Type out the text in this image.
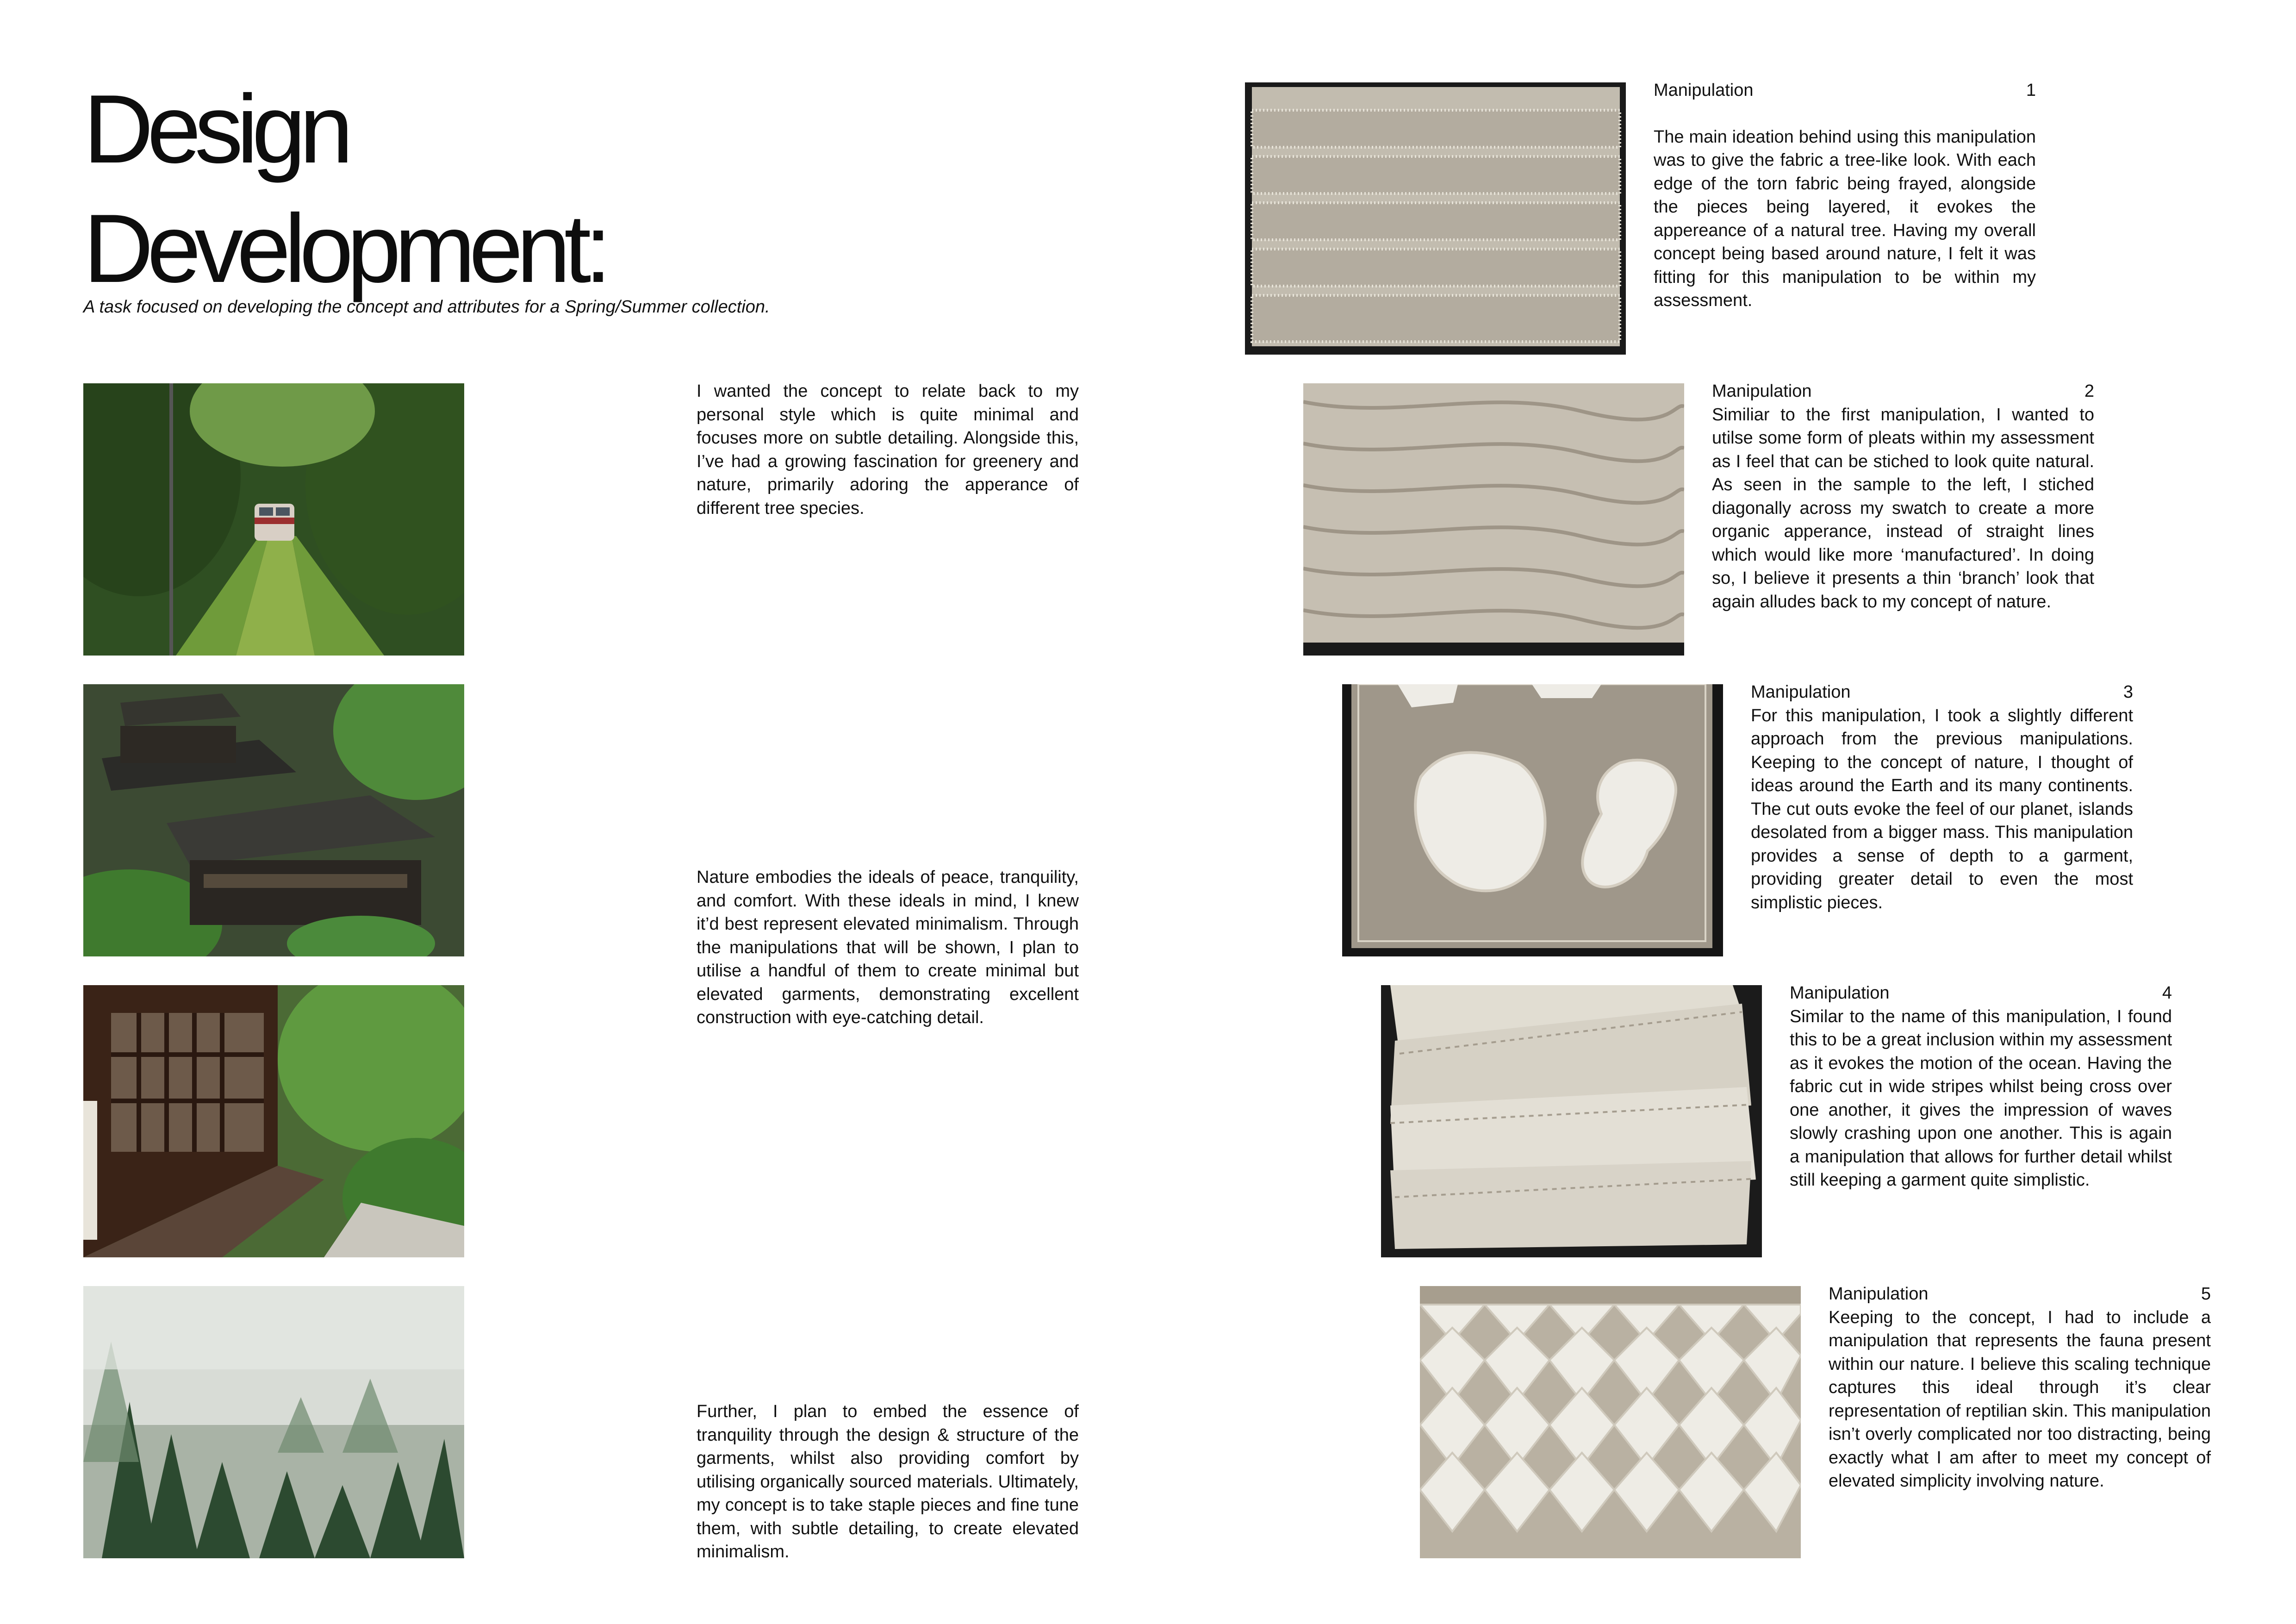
Design
Development:

A task focused on developing the concept and attributes for a Spring/Summer collection.

I wanted the concept to relate back to my personal style which is quite minimal and focuses more on subtle detailing. Alongside this, I’ve had a growing fascination for greenery and nature, primarily adoring the apperance of different tree species.

Nature embodies the ideals of peace, tranquility, and comfort. With these ideals in mind, I knew it’d best represent elevated minimalism. Through the manipulations that will be shown, I plan to utilise a handful of them to create minimal but elevated garments, demonstrating excellent construction with eye-catching detail.

Further, I plan to embed the essence of tranquility through the design & structure of the garments, whilst also providing comfort by utilising organically sourced materials. Ultimately, my concept is to take staple pieces and fine tune them, with subtle detailing, to create elevated minimalism.

Manipulation	1

The main ideation behind using this manipulation was to give the fabric a tree-like look. With each edge of the torn fabric being frayed, alongside the pieces being layered, it evokes the appereance of a natural tree. Having my overall concept being based around nature, I felt it was fitting for this manipulation to be within my assessment.

Manipulation	2

Similiar to the first manipulation, I wanted to utilse some form of pleats within my assessment as I feel that can be stiched to look quite natural. As seen in the sample to the left, I stiched diagonally across my swatch to create a more organic apperance, instead of straight lines which would like more ‘manufactured’. In doing so, I believe it presents a thin ‘branch’ look that again alludes back to my concept of nature.

Manipulation	3

For this manipulation, I took a slightly different approach from the previous manipulations. Keeping to the concept of nature, I thought of ideas around the Earth and its many continents. The cut outs evoke the feel of our planet, islands desolated from a bigger mass. This manipulation provides a sense of depth to a garment, providing greater detail to even the most simplistic pieces.

Manipulation	4

Similar to the name of this manipulation, I found this to be a great inclusion within my assessment as it evokes the motion of the ocean. Having the fabric cut in wide stripes whilst being cross over one another, it gives the impression of waves slowly crashing upon one another. This is again a manipulation that allows for further detail whilst still keeping a garment quite simplistic.

Manipulation	5

Keeping to the concept, I had to include a manipulation that represents the fauna present within our nature. I believe this scaling technique captures this ideal through it’s clear representation of reptilian skin. This manipulation isn’t overly complicated nor too distracting, being exactly what I am after to meet my concept of elevated simplicity involving nature.
